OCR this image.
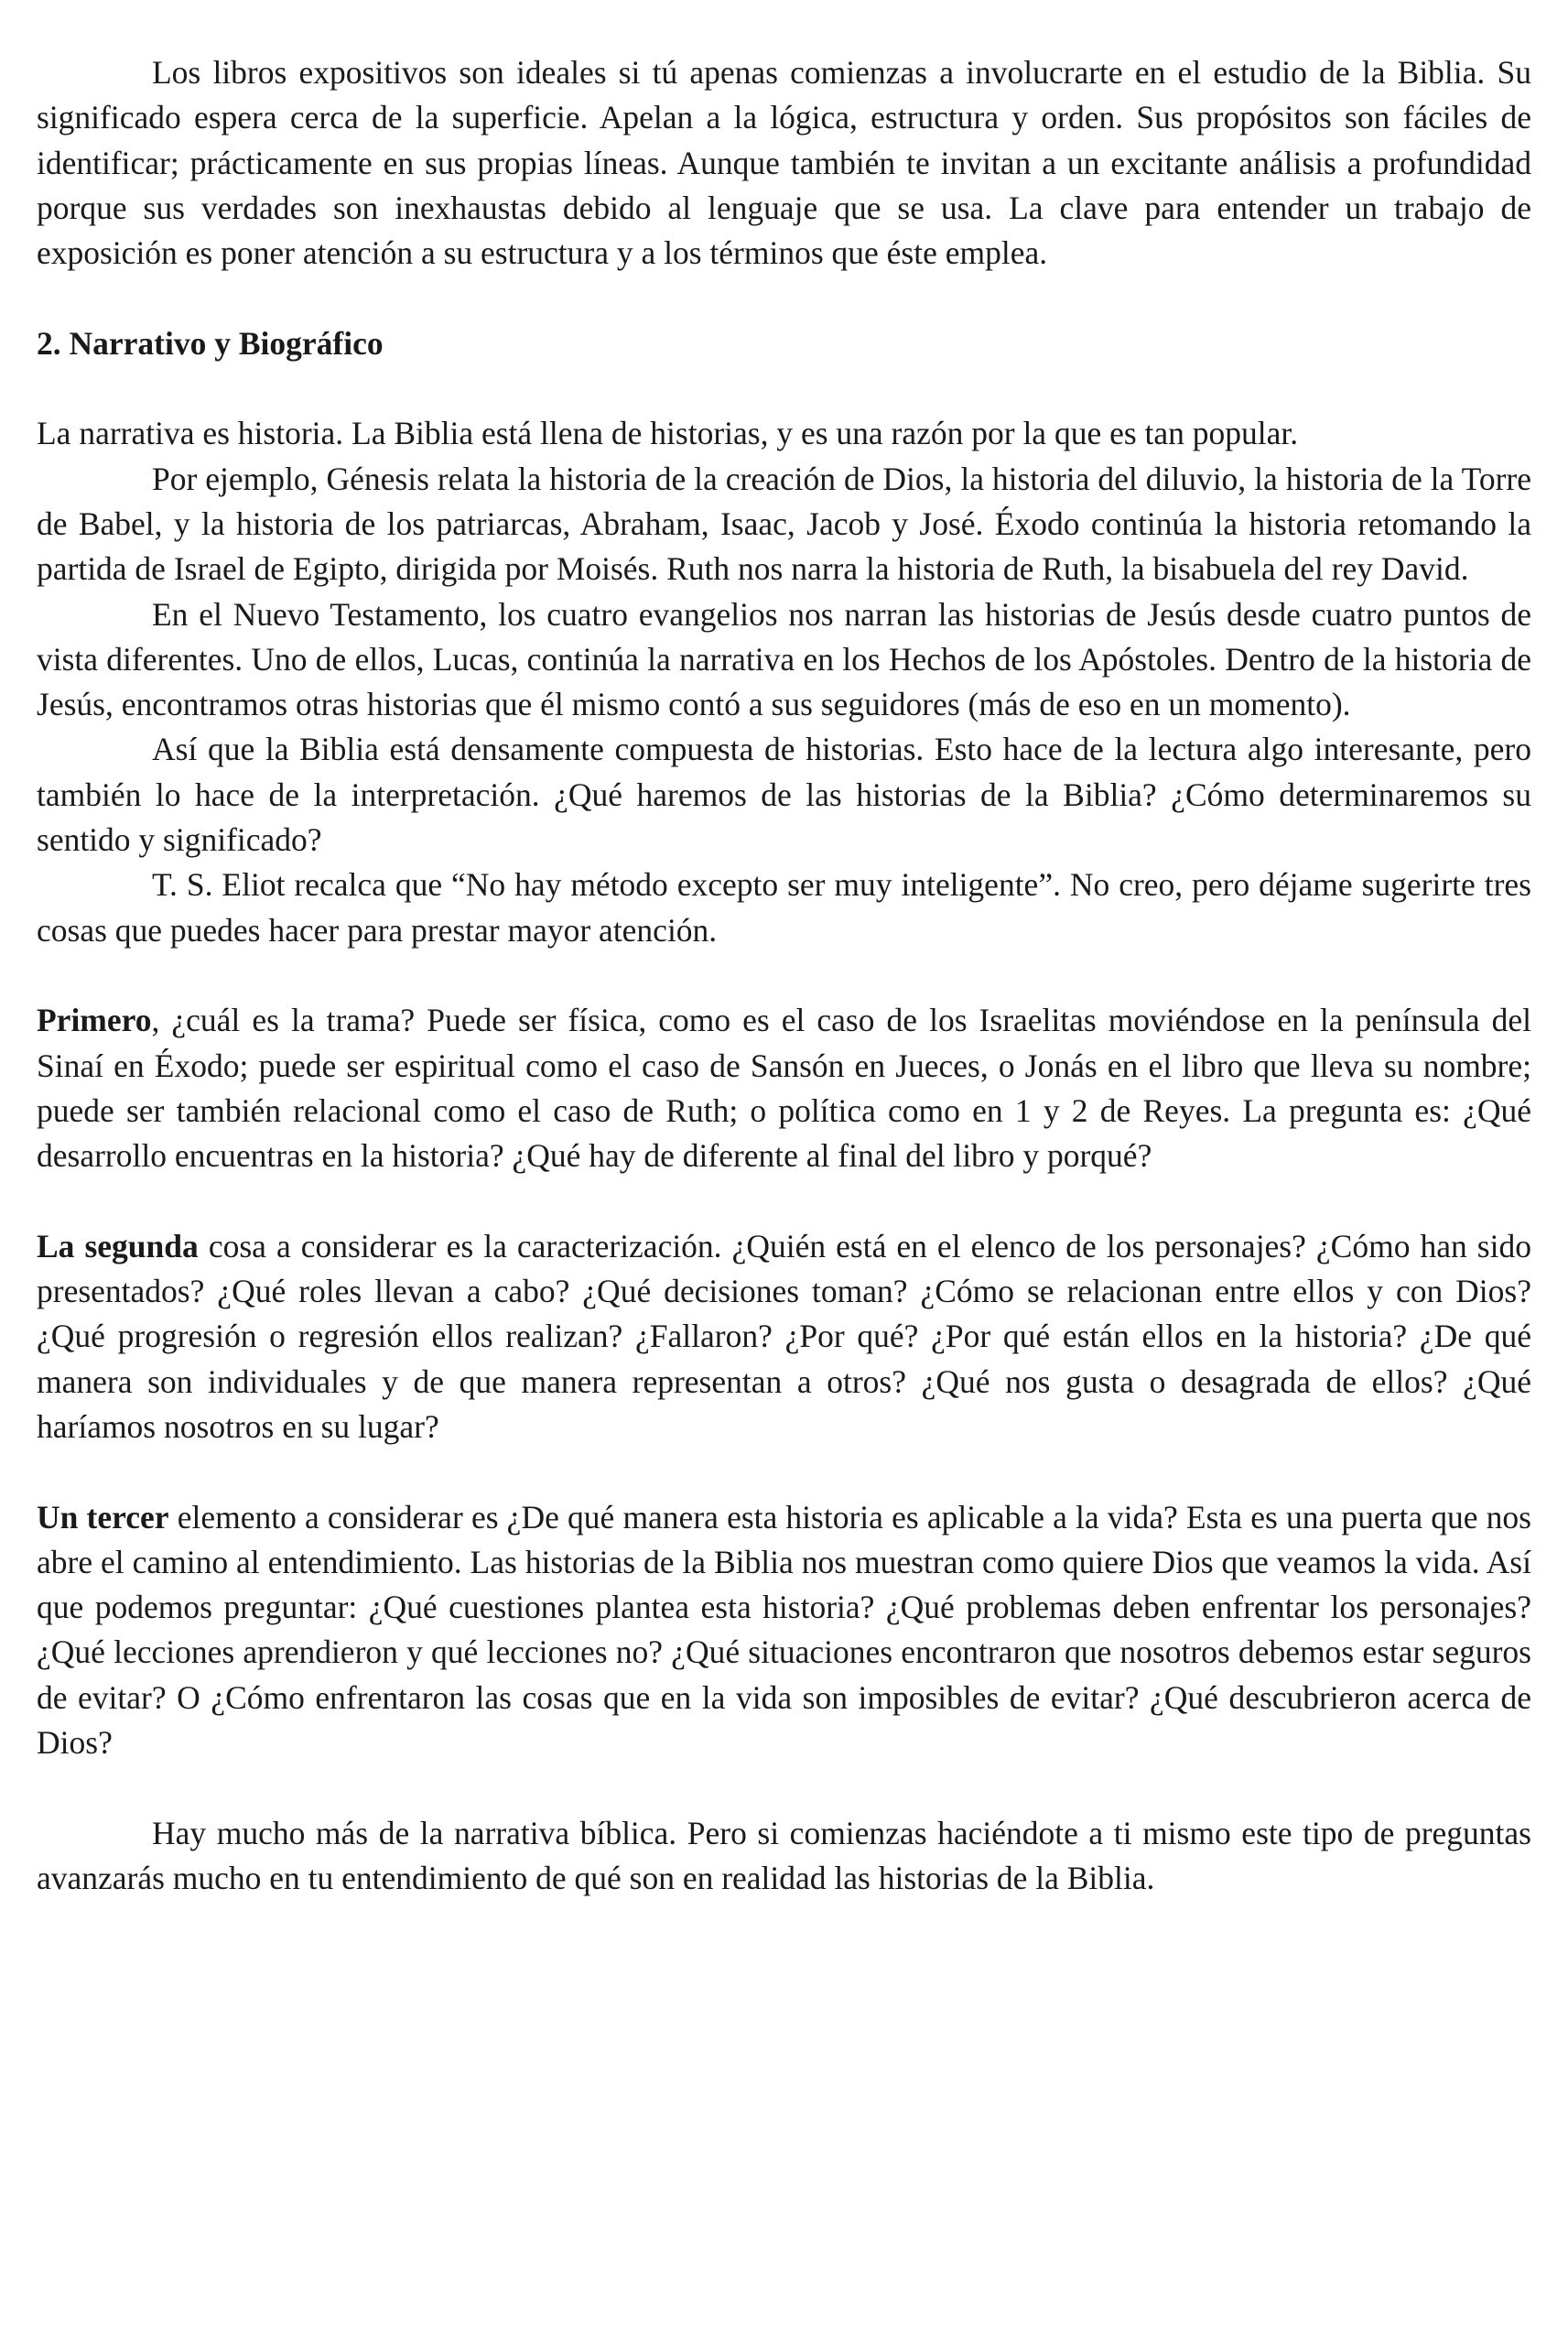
Los libros expositivos son ideales si tú apenas comienzas a involucrarte en el estudio de la Biblia. Su significado espera cerca de la superficie. Apelan a la lógica, estructura y orden. Sus propósitos son fáciles de identificar; prácticamente en sus propias líneas. Aunque también te invitan a un excitante análisis a profundidad porque sus verdades son inexhaustas debido al lenguaje que se usa. La clave para entender un trabajo de exposición es poner atención a su estructura y a los términos que éste emplea.

2. Narrativo y Biográfico

La narrativa es historia. La Biblia está llena de historias, y es una razón por la que es tan popular.

Por ejemplo, Génesis relata la historia de la creación de Dios, la historia del diluvio, la historia de la Torre de Babel, y la historia de los patriarcas, Abraham, Isaac, Jacob y José. Éxodo continúa la historia retomando la partida de Israel de Egipto, dirigida por Moisés. Ruth nos narra la historia de Ruth, la bisabuela del rey David.

En el Nuevo Testamento, los cuatro evangelios nos narran las historias de Jesús desde cuatro puntos de vista diferentes. Uno de ellos, Lucas, continúa la narrativa en los Hechos de los Apóstoles. Dentro de la historia de Jesús, encontramos otras historias que él mismo contó a sus seguidores (más de eso en un momento).

Así que la Biblia está densamente compuesta de historias. Esto hace de la lectura algo interesante, pero también lo hace de la interpretación. ¿Qué haremos de las historias de la Biblia? ¿Cómo determinaremos su sentido y significado?

T. S. Eliot recalca que “No hay método excepto ser muy inteligente”. No creo, pero déjame sugerirte tres cosas que puedes hacer para prestar mayor atención.

Primero, ¿cuál es la trama? Puede ser física, como es el caso de los Israelitas moviéndose en la península del Sinaí en Éxodo; puede ser espiritual como el caso de Sansón en Jueces, o Jonás en el libro que lleva su nombre; puede ser también relacional como el caso de Ruth; o política como en 1 y 2 de Reyes. La pregunta es: ¿Qué desarrollo encuentras en la historia? ¿Qué hay de diferente al final del libro y porqué?

La segunda cosa a considerar es la caracterización. ¿Quién está en el elenco de los personajes? ¿Cómo han sido presentados? ¿Qué roles llevan a cabo? ¿Qué decisiones toman? ¿Cómo se relacionan entre ellos y con Dios? ¿Qué progresión o regresión ellos realizan? ¿Fallaron? ¿Por qué? ¿Por qué están ellos en la historia? ¿De qué manera son individuales y de que manera representan a otros? ¿Qué nos gusta o desagrada de ellos? ¿Qué haríamos nosotros en su lugar?

Un tercer elemento a considerar es ¿De qué manera esta historia es aplicable a la vida? Esta es una puerta que nos abre el camino al entendimiento. Las historias de la Biblia nos muestran como quiere Dios que veamos la vida. Así que podemos preguntar: ¿Qué cuestiones plantea esta historia? ¿Qué problemas deben enfrentar los personajes? ¿Qué lecciones aprendieron y qué lecciones no? ¿Qué situaciones encontraron que nosotros debemos estar seguros de evitar? O ¿Cómo enfrentaron las cosas que en la vida son imposibles de evitar? ¿Qué descubrieron acerca de Dios?

Hay mucho más de la narrativa bíblica. Pero si comienzas haciéndote a ti mismo este tipo de preguntas avanzarás mucho en tu entendimiento de qué son en realidad las historias de la Biblia.
